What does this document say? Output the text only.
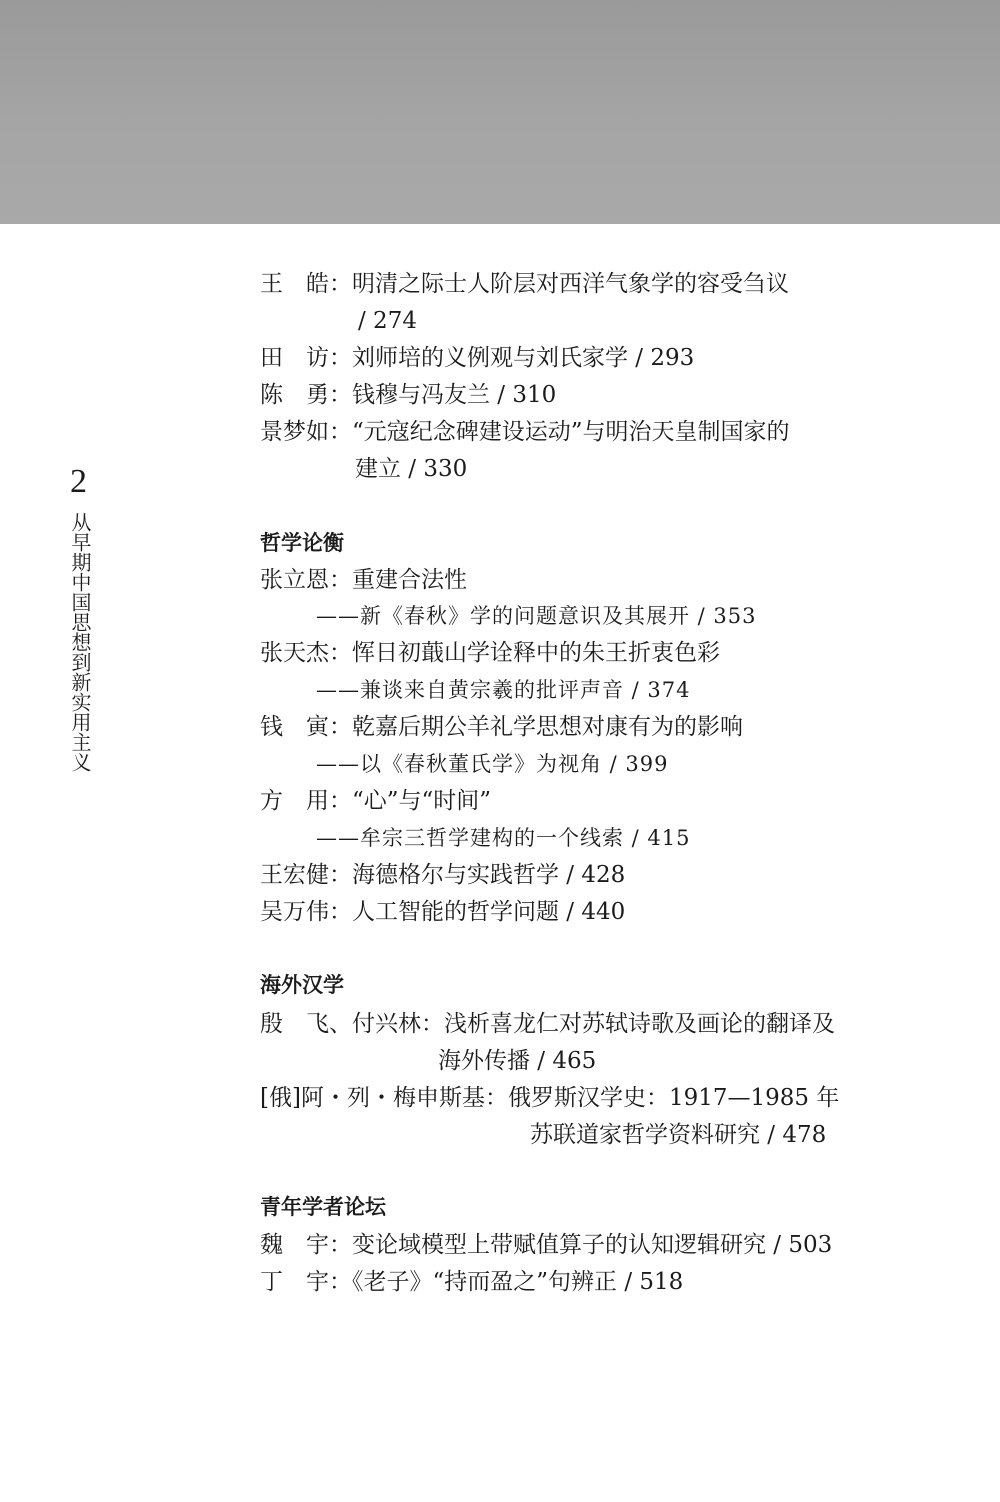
2
从早期中国思想到新实用主义
王　皓：明清之际士人阶层对西洋气象学的容受刍议
/ 274
田　访：刘师培的义例观与刘氏家学 / 293
陈　勇：钱穆与冯友兰 / 310
景梦如：“元寇纪念碑建设运动”与明治天皇制国家的
建立 / 330
哲学论衡
张立恩：重建合法性
——新《春秋》学的问题意识及其展开 / 353
张天杰：恽日初蕺山学诠释中的朱王折衷色彩
——兼谈来自黄宗羲的批评声音 / 374
钱　寅：乾嘉后期公羊礼学思想对康有为的影响
——以《春秋董氏学》为视角 / 399
方　用：“心”与“时间”
——牟宗三哲学建构的一个线索 / 415
王宏健：海德格尔与实践哲学 / 428
吴万伟：人工智能的哲学问题 / 440
海外汉学
殷　飞、付兴林：浅析喜龙仁对苏轼诗歌及画论的翻译及
海外传播 / 465
[俄]阿・列・梅申斯基：俄罗斯汉学史：1917—1985 年
苏联道家哲学资料研究 / 478
青年学者论坛
魏　宇：变论域模型上带赋值算子的认知逻辑研究 / 503
丁　宇：《老子》“持而盈之”句辨正 / 518
